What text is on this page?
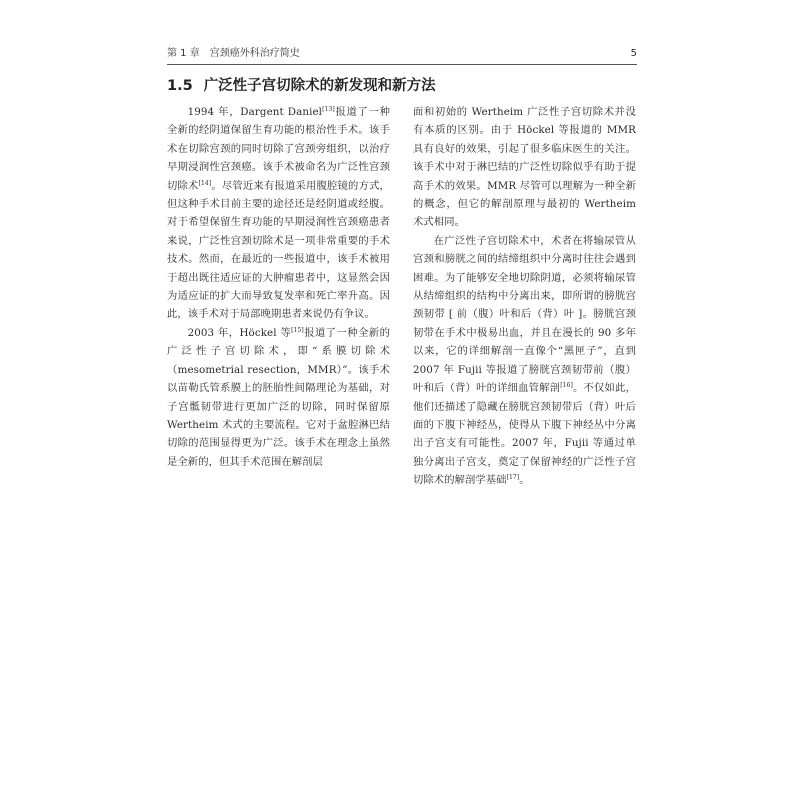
第 1 章　宫颈癌外科治疗简史	5
1.5 广泛性子宫切除术的新发现和新方法

1994 年，Dargent Daniel[13]报道了一种全新的经阴道保留生育功能的根治性手术。该手术在切除宫颈的同时切除了宫颈旁组织，以治疗早期浸润性宫颈癌。该手术被命名为广泛性宫颈切除术[14]。尽管近来有报道采用腹腔镜的方式，但这种手术目前主要的途径还是经阴道或经腹。对于希望保留生育功能的早期浸润性宫颈癌患者来说，广泛性宫颈切除术是一项非常重要的手术技术。然而，在最近的一些报道中，该手术被用于超出既往适应证的大肿瘤患者中，这显然会因为适应证的扩大而导致复发率和死亡率升高。因此，该手术对于局部晚期患者来说仍有争议。

2003 年，Höckel 等[15]报道了一种全新的广泛性子宫切除术，即“系膜切除术（mesometrial resection，MMR）”。该手术以苗勒氏管系膜上的胚胎性间隔理论为基础，对子宫骶韧带进行更加广泛的切除，同时保留原 Wertheim 术式的主要流程。它对于盆腔淋巴结切除的范围显得更为广泛。该手术在理念上虽然是全新的，但其手术范围在解剖层

面和初始的 Wertheim 广泛性子宫切除术并没有本质的区别。由于 Höckel 等报道的 MMR 具有良好的效果，引起了很多临床医生的关注。该手术中对于淋巴结的广泛性切除似乎有助于提高手术的效果。MMR 尽管可以理解为一种全新的概念，但它的解剖原理与最初的 Wertheim 术式相同。

在广泛性子宫切除术中，术者在将输尿管从宫颈和膀胱之间的结缔组织中分离时往往会遇到困难。为了能够安全地切除阴道，必须将输尿管从结缔组织的结构中分离出来，即所谓的膀胱宫颈韧带 [ 前（腹）叶和后（背）叶 ]。膀胱宫颈韧带在手术中极易出血，并且在漫长的 90 多年以来，它的详细解剖一直像个“黑匣子”，直到 2007 年 Fujii 等报道了膀胱宫颈韧带前（腹）叶和后（背）叶的详细血管解剖[16]。不仅如此，他们还描述了隐藏在膀胱宫颈韧带后（背）叶后面的下腹下神经丛，使得从下腹下神经丛中分离出子宫支有可能性。2007 年，Fujii 等通过单独分离出子宫支，奠定了保留神经的广泛性子宫切除术的解剖学基础[17]。
